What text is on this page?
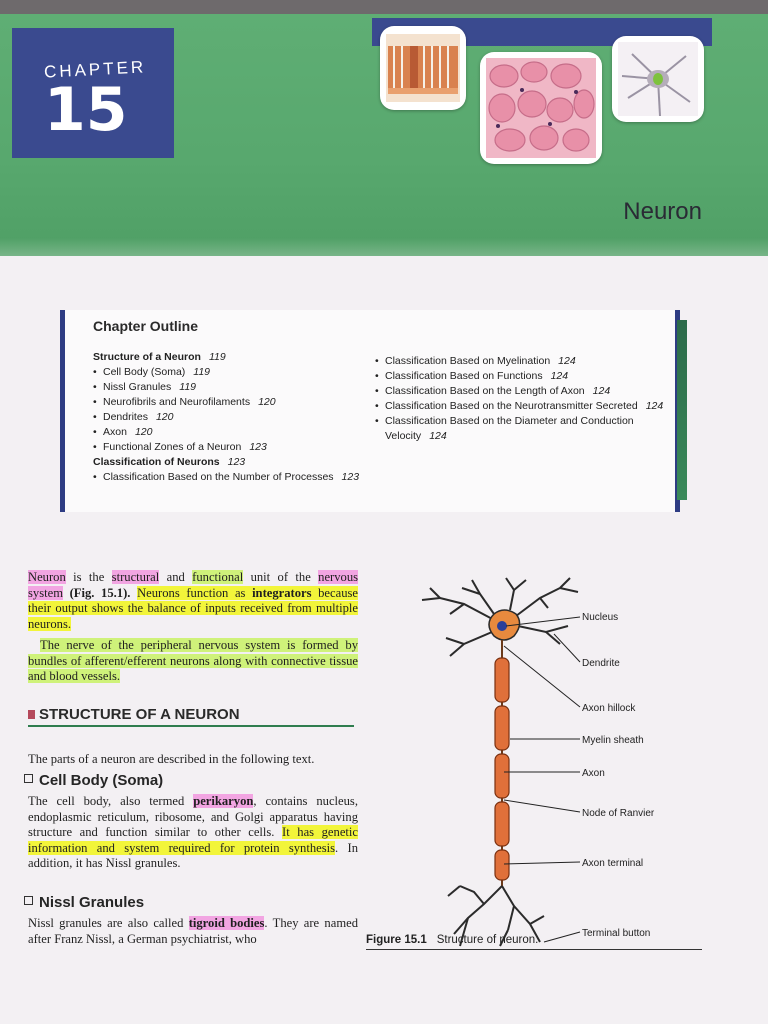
CHAPTER
15
Neuron
Chapter Outline
Structure of a Neuron 119
• Cell Body (Soma) 119
• Nissl Granules 119
• Neurofibrils and Neurofilaments 120
• Dendrites 120
• Axon 120
• Functional Zones of a Neuron 123
Classification of Neurons 123
• Classification Based on the Number of Processes 123
• Classification Based on Myelination 124
• Classification Based on Functions 124
• Classification Based on the Length of Axon 124
• Classification Based on the Neurotransmitter Secreted 124
• Classification Based on the Diameter and Conduction Velocity 124
Neuron is the structural and functional unit of the nervous system (Fig. 15.1). Neurons function as integrators because their output shows the balance of inputs received from multiple neurons.
The nerve of the peripheral nervous system is formed by bundles of afferent/efferent neurons along with connective tissue and blood vessels.
STRUCTURE OF A NEURON
The parts of a neuron are described in the following text.
Cell Body (Soma)
The cell body, also termed perikaryon, contains nucleus, endoplasmic reticulum, ribosome, and Golgi apparatus having structure and function similar to other cells. It has genetic information and system required for protein synthesis. In addition, it has Nissl granules.
Nissl Granules
Nissl granules are also called tigroid bodies. They are named after Franz Nissl, a German psychiatrist, who
Nucleus
Dendrite
Axon hillock
Myelin sheath
Axon
Node of Ranvier
Axon terminal
Terminal button
Figure 15.1 Structure of neuron.
